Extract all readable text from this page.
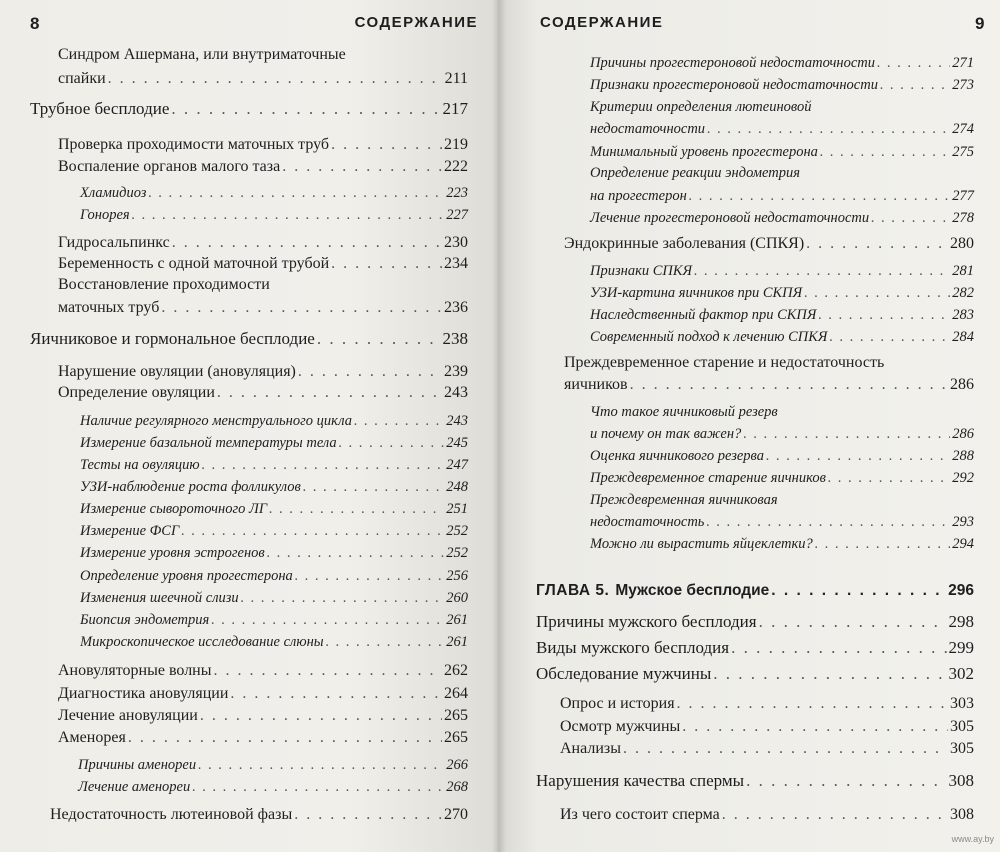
8	СОДЕРЖАНИЕ
Синдром Ашермана, или внутриматочные
спайки . . .	211
Трубное бесплодие . . .	217
Проверка проходимости маточных труб . . .	219
Воспаление органов малого таза . . .	222
Хламидиоз . . .	223
Гонорея . . .	227
Гидросальпинкс . . .	230
Беременность с одной маточной трубой . . .	234
Восстановление проходимости
маточных труб . . .	236
Яичниковое и гормональное бесплодие . . .	238
Нарушение овуляции (ановуляция) . . .	239
Определение овуляции . . .	243
Наличие регулярного менструального цикла . . .	243
Измерение базальной температуры тела . . .	245
Тесты на овуляцию . . .	247
УЗИ-наблюдение роста фолликулов . . .	248
Измерение сывороточного ЛГ . . .	251
Измерение ФСГ . . .	252
Измерение уровня эстрогенов . . .	252
Определение уровня прогестерона . . .	256
Изменения шеечной слизи . . .	260
Биопсия эндометрия . . .	261
Микроскопическое исследование слюны . . .	261
Ановуляторные волны . . .	262
Диагностика ановуляции . . .	264
Лечение ановуляции . . .	265
Аменорея . . .	265
Причины аменореи . . .	266
Лечение аменореи . . .	268
Недостаточность лютеиновой фазы . . .	270
СОДЕРЖАНИЕ	9
Причины прогестероновой недостаточности . . .	271
Признаки прогестероновой недостаточности . . .	273
Критерии определения лютеиновой
недостаточности . . .	274
Минимальный уровень прогестерона . . .	275
Определение реакции эндометрия
на прогестерон . . .	277
Лечение прогестероновой недостаточности . . .	278
Эндокринные заболевания (СПКЯ) . . .	280
Признаки СПКЯ . . .	281
УЗИ-картина яичников при СКПЯ . . .	282
Наследственный фактор при СКПЯ . . .	283
Современный подход к лечению СПКЯ . . .	284
Преждевременное старение и недостаточность
яичников . . .	286
Что такое яичниковый резерв
и почему он так важен? . . .	286
Оценка яичникового резерва . . .	288
Преждевременное старение яичников . . .	292
Преждевременная яичниковая
недостаточность . . .	293
Можно ли вырастить яйцеклетки? . . .	294
ГЛАВА 5. Мужское бесплодие . . .	296
Причины мужского бесплодия . . .	298
Виды мужского бесплодия . . .	299
Обследование мужчины . . .	302
Опрос и история . . .	303
Осмотр мужчины . . .	305
Анализы . . .	305
Нарушения качества спермы . . .	308
Из чего состоит сперма . . .	308
www.ay.by
